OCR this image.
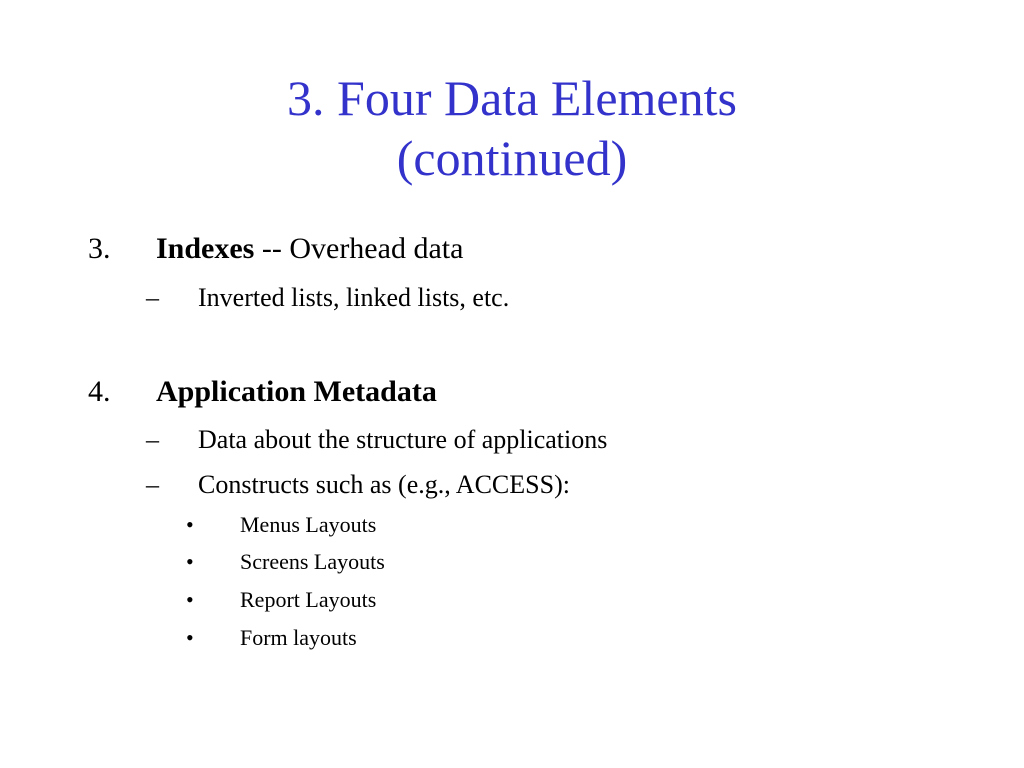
3. Four Data Elements
(continued)
3. Indexes -- Overhead data
– Inverted lists, linked lists, etc.
4. Application Metadata
– Data about the structure of applications
– Constructs such as (e.g., ACCESS):
• Menus Layouts
• Screens Layouts
• Report Layouts
• Form layouts
